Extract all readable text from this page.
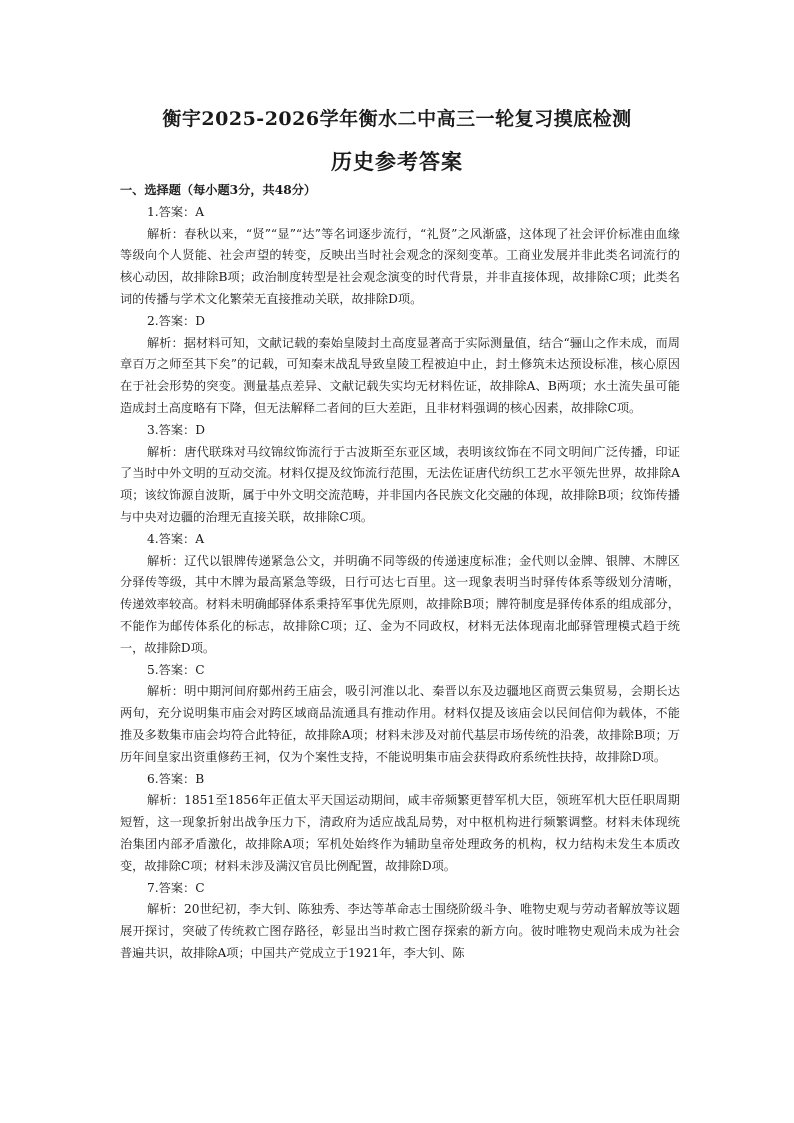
衡宇2025-2026学年衡水二中高三一轮复习摸底检测
历史参考答案

一、选择题（每小题3分，共48分）

1.答案：A

解析：春秋以来，“贤”“显”“达”等名词逐步流行，“礼贤”之风渐盛，这体现了社会评价标准由血缘等级向个人贤能、社会声望的转变，反映出当时社会观念的深刻变革。工商业发展并非此类名词流行的核心动因，故排除B项；政治制度转型是社会观念演变的时代背景，并非直接体现，故排除C项；此类名词的传播与学术文化繁荣无直接推动关联，故排除D项。

2.答案：D

解析：据材料可知，文献记载的秦始皇陵封土高度显著高于实际测量值，结合“骊山之作未成，而周章百万之师至其下矣”的记载，可知秦末战乱导致皇陵工程被迫中止，封土修筑未达预设标准，核心原因在于社会形势的突变。测量基点差异、文献记载失实均无材料佐证，故排除A、B两项；水土流失虽可能造成封土高度略有下降，但无法解释二者间的巨大差距，且非材料强调的核心因素，故排除C项。

3.答案：D

解析：唐代联珠对马纹锦纹饰流行于古波斯至东亚区域，表明该纹饰在不同文明间广泛传播，印证了当时中外文明的互动交流。材料仅提及纹饰流行范围，无法佐证唐代纺织工艺水平领先世界，故排除A项；该纹饰源自波斯，属于中外文明交流范畴，并非国内各民族文化交融的体现，故排除B项；纹饰传播与中央对边疆的治理无直接关联，故排除C项。

4.答案：A

解析：辽代以银牌传递紧急公文，并明确不同等级的传递速度标准；金代则以金牌、银牌、木牌区分驿传等级，其中木牌为最高紧急等级，日行可达七百里。这一现象表明当时驿传体系等级划分清晰，传递效率较高。材料未明确邮驿体系秉持军事优先原则，故排除B项；牌符制度是驿传体系的组成部分，不能作为邮传体系化的标志，故排除C项；辽、金为不同政权，材料无法体现南北邮驿管理模式趋于统一，故排除D项。

5.答案：C

解析：明中期河间府鄚州药王庙会，吸引河淮以北、秦晋以东及边疆地区商贾云集贸易，会期长达两旬，充分说明集市庙会对跨区域商品流通具有推动作用。材料仅提及该庙会以民间信仰为载体，不能推及多数集市庙会均符合此特征，故排除A项；材料未涉及对前代基层市场传统的沿袭，故排除B项；万历年间皇家出资重修药王祠，仅为个案性支持，不能说明集市庙会获得政府系统性扶持，故排除D项。

6.答案：B

解析：1851至1856年正值太平天国运动期间，咸丰帝频繁更替军机大臣，领班军机大臣任职周期短暂，这一现象折射出战争压力下，清政府为适应战乱局势，对中枢机构进行频繁调整。材料未体现统治集团内部矛盾激化，故排除A项；军机处始终作为辅助皇帝处理政务的机构，权力结构未发生本质改变，故排除C项；材料未涉及满汉官员比例配置，故排除D项。

7.答案：C

解析：20世纪初，李大钊、陈独秀、李达等革命志士围绕阶级斗争、唯物史观与劳动者解放等议题展开探讨，突破了传统救亡图存路径，彰显出当时救亡图存探索的新方向。彼时唯物史观尚未成为社会普遍共识，故排除A项；中国共产党成立于1921年，李大钊、陈
